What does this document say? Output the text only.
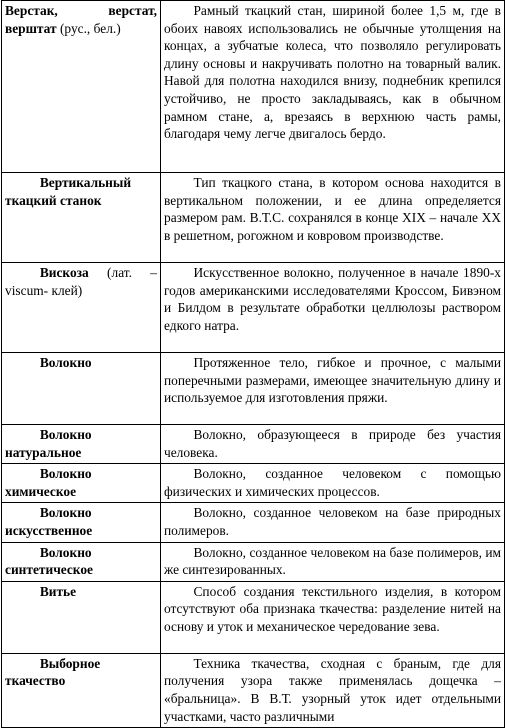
Верстак, верстат, верштат (рус., бел.)	Рамный ткацкий стан, шириной более 1,5 м, где в обоих навоях использовались не обычные утолщения на концах, а зубчатые колеса, что позволяло регулировать длину основы и накручивать полотно на товарный валик. Навой для полотна находился внизу, поднебник крепился устойчиво, не просто закладываясь, как в обычном рамном стане, а, врезаясь в верхнюю часть рамы, благодаря чему легче двигалось бердо.
Вертикальный ткацкий станок	Тип ткацкого стана, в котором основа находится в вертикальном положении, и ее длина определяется размером рам. В.Т.С. сохранялся в конце XIX – начале XX в решетном, рогожном и ковровом производстве.
Вискоза (лат. – viscum- клей)	Искусственное волокно, полученное в начале 1890-х годов американскими исследователями Кроссом, Бивэном и Билдом в результате обработки целлюлозы раствором едкого натра.
Волокно	Протяженное тело, гибкое и прочное, с малыми поперечными размерами, имеющее значительную длину и используемое для изготовления пряжи.
Волокно натуральное	Волокно, образующееся в природе без участия человека.
Волокно химическое	Волокно, созданное человеком с помощью физических и химических процессов.
Волокно искусственное	Волокно, созданное человеком на базе природных полимеров.
Волокно синтетическое	Волокно, созданное человеком на базе полимеров, им же синтезированных.
Витье	Способ создания текстильного изделия, в котором отсутствуют оба признака ткачества: разделение нитей на основу и уток и механическое чередование зева.
Выборное ткачество	Техника ткачества, сходная с браным, где для получения узора также применялась дощечка – «бральница». В В.Т. узорный уток идет отдельными участками, часто различными
